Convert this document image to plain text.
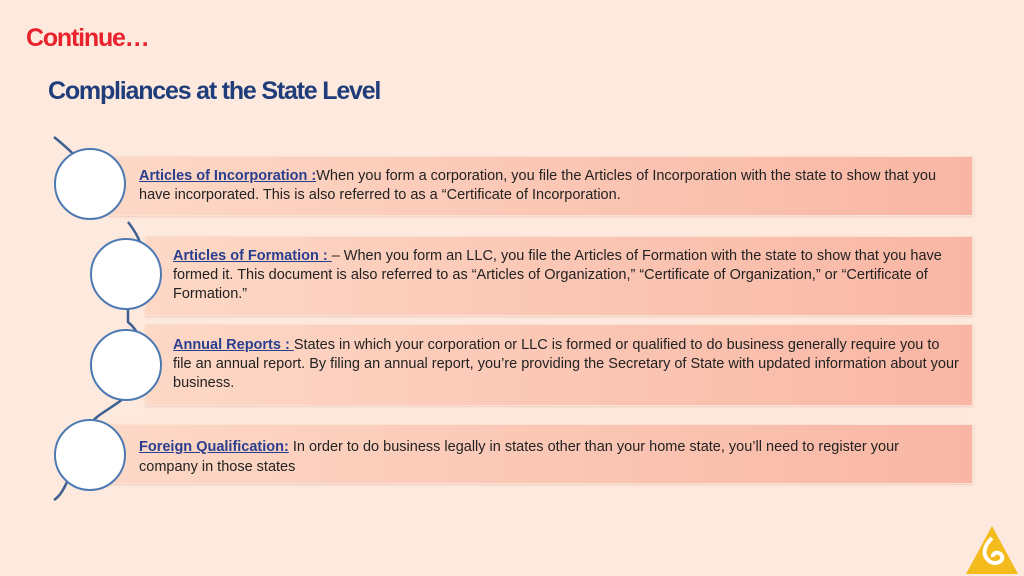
Continue…
Compliances at the State Level
Articles of Incorporation :When you form a corporation, you file the Articles of Incorporation with the state to show that you have incorporated. This is also referred to as a “Certificate of Incorporation.
Articles of Formation : – When you form an LLC, you file the Articles of Formation with the state to show that you have formed it. This document is also referred to as “Articles of Organization,” “Certificate of Organization,” or “Certificate of Formation.”
Annual Reports : States in which your corporation or LLC is formed or qualified to do business generally require you to file an annual report. By filing an annual report, you’re providing the Secretary of State with updated information about your business.
Foreign Qualification: In order to do business legally in states other than your home state, you’ll need to register your company in those states
